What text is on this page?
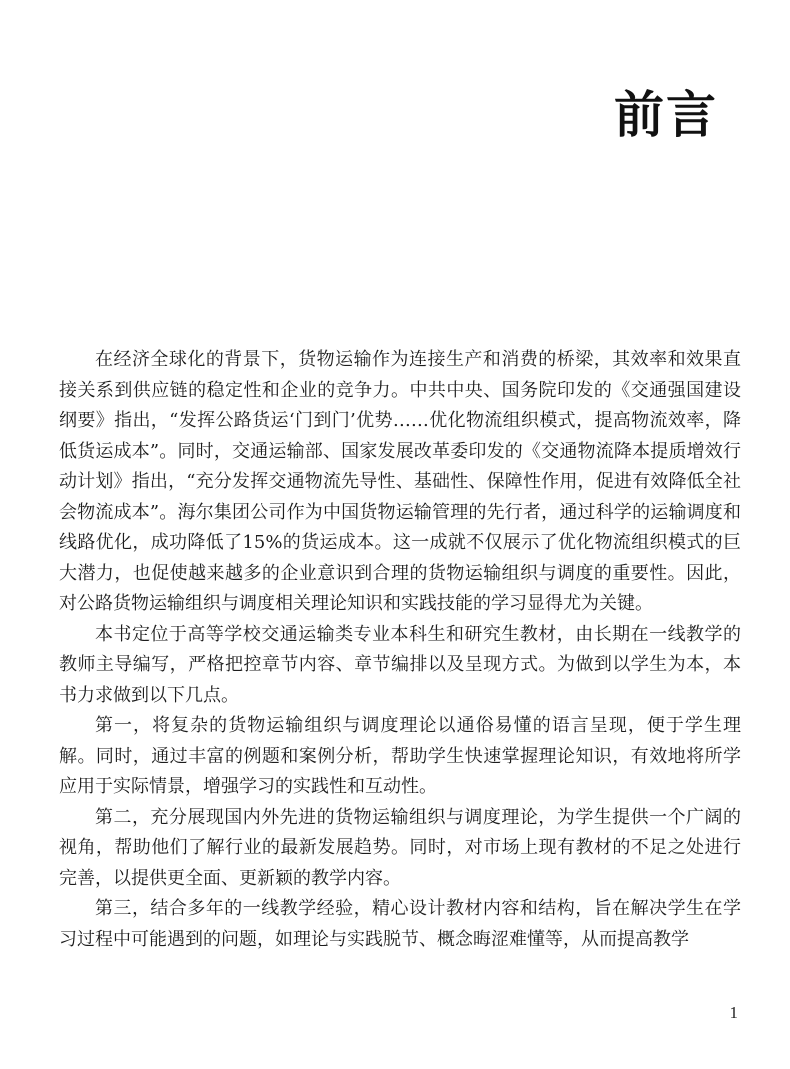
前言

在经济全球化的背景下，货物运输作为连接生产和消费的桥梁，其效率和效果直接关系到供应链的稳定性和企业的竞争力。中共中央、国务院印发的《交通强国建设纲要》指出，“发挥公路货运‘门到门’优势……优化物流组织模式，提高物流效率，降低货运成本”。同时，交通运输部、国家发展改革委印发的《交通物流降本提质增效行动计划》指出，“充分发挥交通物流先导性、基础性、保障性作用，促进有效降低全社会物流成本”。海尔集团公司作为中国货物运输管理的先行者，通过科学的运输调度和线路优化，成功降低了15%的货运成本。这一成就不仅展示了优化物流组织模式的巨大潜力，也促使越来越多的企业意识到合理的货物运输组织与调度的重要性。因此，对公路货物运输组织与调度相关理论知识和实践技能的学习显得尤为关键。

本书定位于高等学校交通运输类专业本科生和研究生教材，由长期在一线教学的教师主导编写，严格把控章节内容、章节编排以及呈现方式。为做到以学生为本，本书力求做到以下几点。

第一，将复杂的货物运输组织与调度理论以通俗易懂的语言呈现，便于学生理解。同时，通过丰富的例题和案例分析，帮助学生快速掌握理论知识，有效地将所学应用于实际情景，增强学习的实践性和互动性。

第二，充分展现国内外先进的货物运输组织与调度理论，为学生提供一个广阔的视角，帮助他们了解行业的最新发展趋势。同时，对市场上现有教材的不足之处进行完善，以提供更全面、更新颖的教学内容。

第三，结合多年的一线教学经验，精心设计教材内容和结构，旨在解决学生在学习过程中可能遇到的问题，如理论与实践脱节、概念晦涩难懂等，从而提高教学

1
